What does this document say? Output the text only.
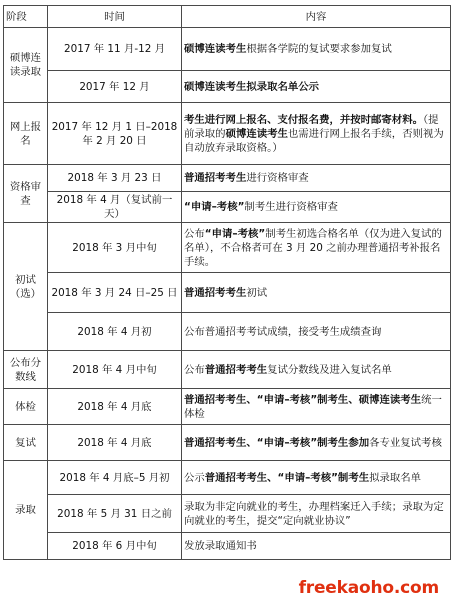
阶段	时间	内容
硕博连读录取	2017 年 11 月-12 月	硕博连读考生根据各学院的复试要求参加复试
	2017 年 12 月	硕博连读考生拟录取名单公示
网上报名	2017 年 12 月 1 日–2018 年 2 月 20 日	考生进行网上报名、支付报名费，并按时邮寄材料。（提前录取的硕博连读考生也需进行网上报名手续，否则视为自动放弃录取资格。）
资格审查	2018 年 3 月 23 日	普通招考考生进行资格审查
	2018 年 4 月（复试前一天）	“申请–考核”制考生进行资格审查
初试（选）	2018 年 3 月中旬	公布“申请–考核”制考生初选合格名单（仅为进入复试的名单），不合格者可在 3 月 20 之前办理普通招考补报名手续。
	2018 年 3 月 24 日–25 日	普通招考考生初试
	2018 年 4 月初	公布普通招考考试成绩，接受考生成绩查询
公布分数线	2018 年 4 月中旬	公布普通招考考生复试分数线及进入复试名单
体检	2018 年 4 月底	普通招考考生、“申请–考核”制考生、硕博连读考生统一体检
复试	2018 年 4 月底	普通招考考生、“申请–考核”制考生参加各专业复试考核
录取	2018 年 4 月底–5 月初	公示普通招考考生、“申请–考核”制考生拟录取名单
	2018 年 5 月 31 日之前	录取为非定向就业的考生，办理档案迁入手续；录取为定向就业的考生，提交“定向就业协议”
	2018 年 6 月中旬	发放录取通知书
freekaoho.com
